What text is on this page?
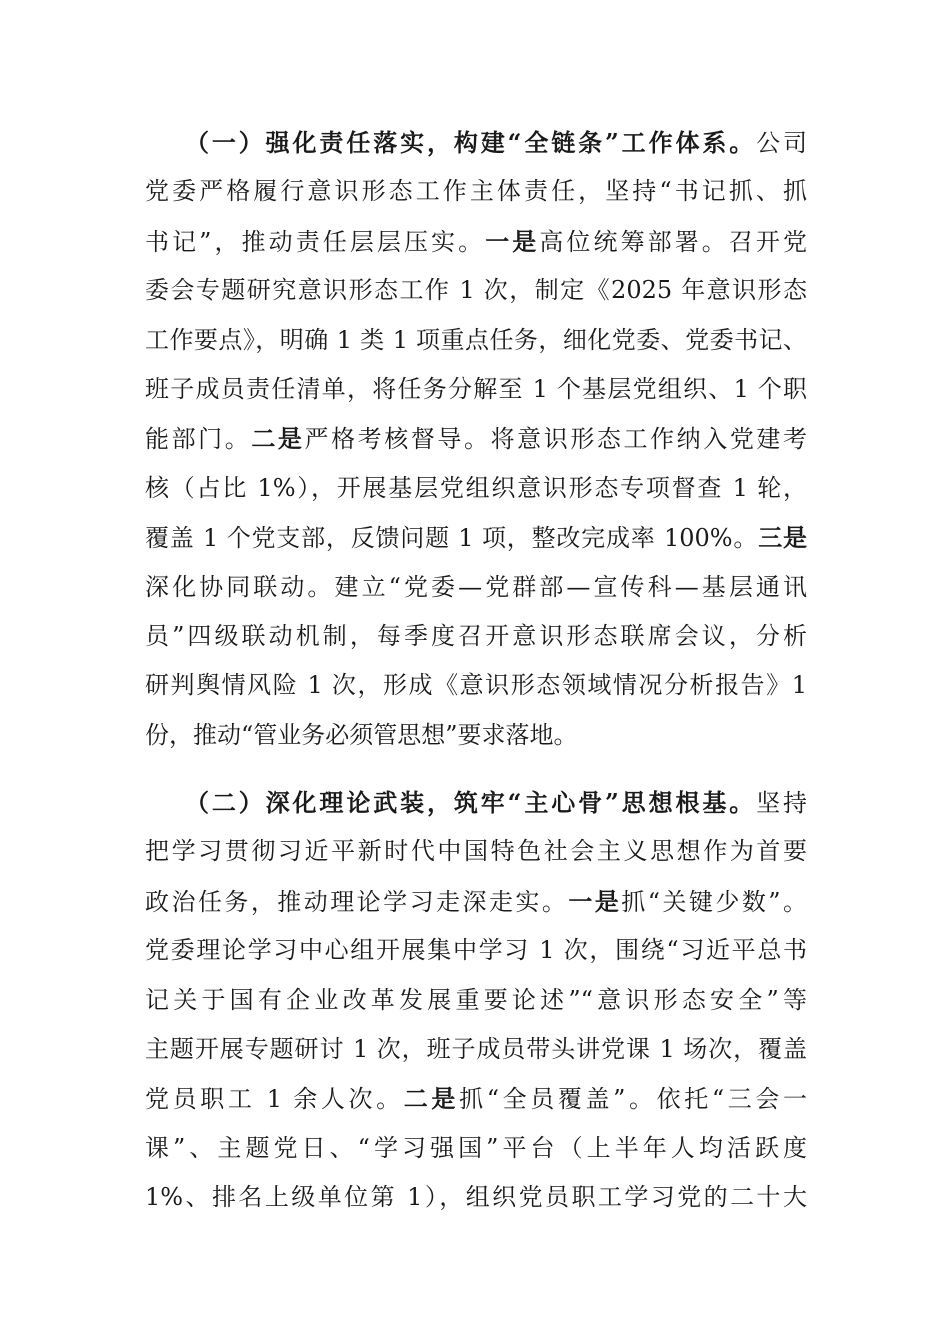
（一）强化责任落实，构建“全链条”工作体系。公司
党委严格履行意识形态工作主体责任，坚持“书记抓、抓
书记”，推动责任层层压实。一是高位统筹部署。召开党
委会专题研究意识形态工作 1 次，制定《2025 年意识形态
工作要点》，明确 1 类 1 项重点任务，细化党委、党委书记、
班子成员责任清单，将任务分解至 1 个基层党组织、1 个职
能部门。二是严格考核督导。将意识形态工作纳入党建考
核（占比 1%），开展基层党组织意识形态专项督查 1 轮，
覆盖 1 个党支部，反馈问题 1 项，整改完成率 100%。三是
深化协同联动。建立“党委—党群部—宣传科—基层通讯
员”四级联动机制，每季度召开意识形态联席会议，分析
研判舆情风险 1 次，形成《意识形态领域情况分析报告》1
份，推动“管业务必须管思想”要求落地。
（二）深化理论武装，筑牢“主心骨”思想根基。坚持
把学习贯彻习近平新时代中国特色社会主义思想作为首要
政治任务，推动理论学习走深走实。一是抓“关键少数”。
党委理论学习中心组开展集中学习 1 次，围绕“习近平总书
记关于国有企业改革发展重要论述”“意识形态安全”等
主题开展专题研讨 1 次，班子成员带头讲党课 1 场次，覆盖
党员职工 1 余人次。二是抓“全员覆盖”。依托“三会一
课”、主题党日、“学习强国”平台（上半年人均活跃度
1%、排名上级单位第 1），组织党员职工学习党的二十大
